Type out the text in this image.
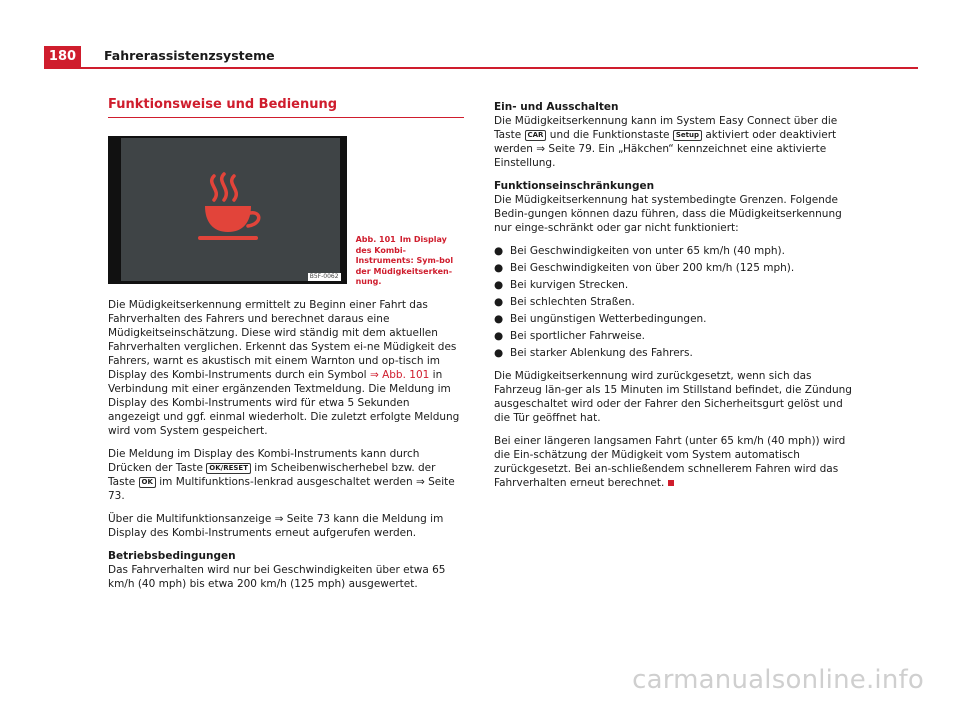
180	Fahrerassistenzsysteme
Funktionsweise und Bedienung
B5F-0062
Abb. 101 Im Display des Kombi-Instruments: Sym-bol der Müdigkeitserken-nung.

Die Müdigkeitserkennung ermittelt zu Beginn einer Fahrt das Fahrverhalten des Fahrers und berechnet daraus eine Müdigkeitseinschätzung. Diese wird ständig mit dem aktuellen Fahrverhalten verglichen. Erkennt das System ei-ne Müdigkeit des Fahrers, warnt es akustisch mit einem Warnton und op-tisch im Display des Kombi-Instruments durch ein Symbol ⇒ Abb. 101 in Verbindung mit einer ergänzenden Textmeldung. Die Meldung im Display des Kombi-Instruments wird für etwa 5 Sekunden angezeigt und ggf. einmal wiederholt. Die zuletzt erfolgte Meldung wird vom System gespeichert.

Die Meldung im Display des Kombi-Instruments kann durch Drücken der Taste OK/RESET im Scheibenwischerhebel bzw. der Taste OK im Multifunktions-lenkrad ausgeschaltet werden ⇒ Seite 73.

Über die Multifunktionsanzeige ⇒ Seite 73 kann die Meldung im Display des Kombi-Instruments erneut aufgerufen werden.

Betriebsbedingungen

Das Fahrverhalten wird nur bei Geschwindigkeiten über etwa 65 km/h (40 mph) bis etwa 200 km/h (125 mph) ausgewertet.

Ein- und Ausschalten

Die Müdigkeitserkennung kann im System Easy Connect über die Taste CAR und die Funktionstaste Setup aktiviert oder deaktiviert werden ⇒ Seite 79. Ein „Häkchen“ kennzeichnet eine aktivierte Einstellung.

Funktionseinschränkungen

Die Müdigkeitserkennung hat systembedingte Grenzen. Folgende Bedin-gungen können dazu führen, dass die Müdigkeitserkennung nur einge-schränkt oder gar nicht funktioniert:

● Bei Geschwindigkeiten von unter 65 km/h (40 mph).
● Bei Geschwindigkeiten von über 200 km/h (125 mph).
● Bei kurvigen Strecken.
● Bei schlechten Straßen.
● Bei ungünstigen Wetterbedingungen.
● Bei sportlicher Fahrweise.
● Bei starker Ablenkung des Fahrers.

Die Müdigkeitserkennung wird zurückgesetzt, wenn sich das Fahrzeug län-ger als 15 Minuten im Stillstand befindet, die Zündung ausgeschaltet wird oder der Fahrer den Sicherheitsgurt gelöst und die Tür geöffnet hat.

Bei einer längeren langsamen Fahrt (unter 65 km/h (40 mph)) wird die Ein-schätzung der Müdigkeit vom System automatisch zurückgesetzt. Bei an-schließendem schnellerem Fahren wird das Fahrverhalten erneut berechnet.

carmanualsonline.info
